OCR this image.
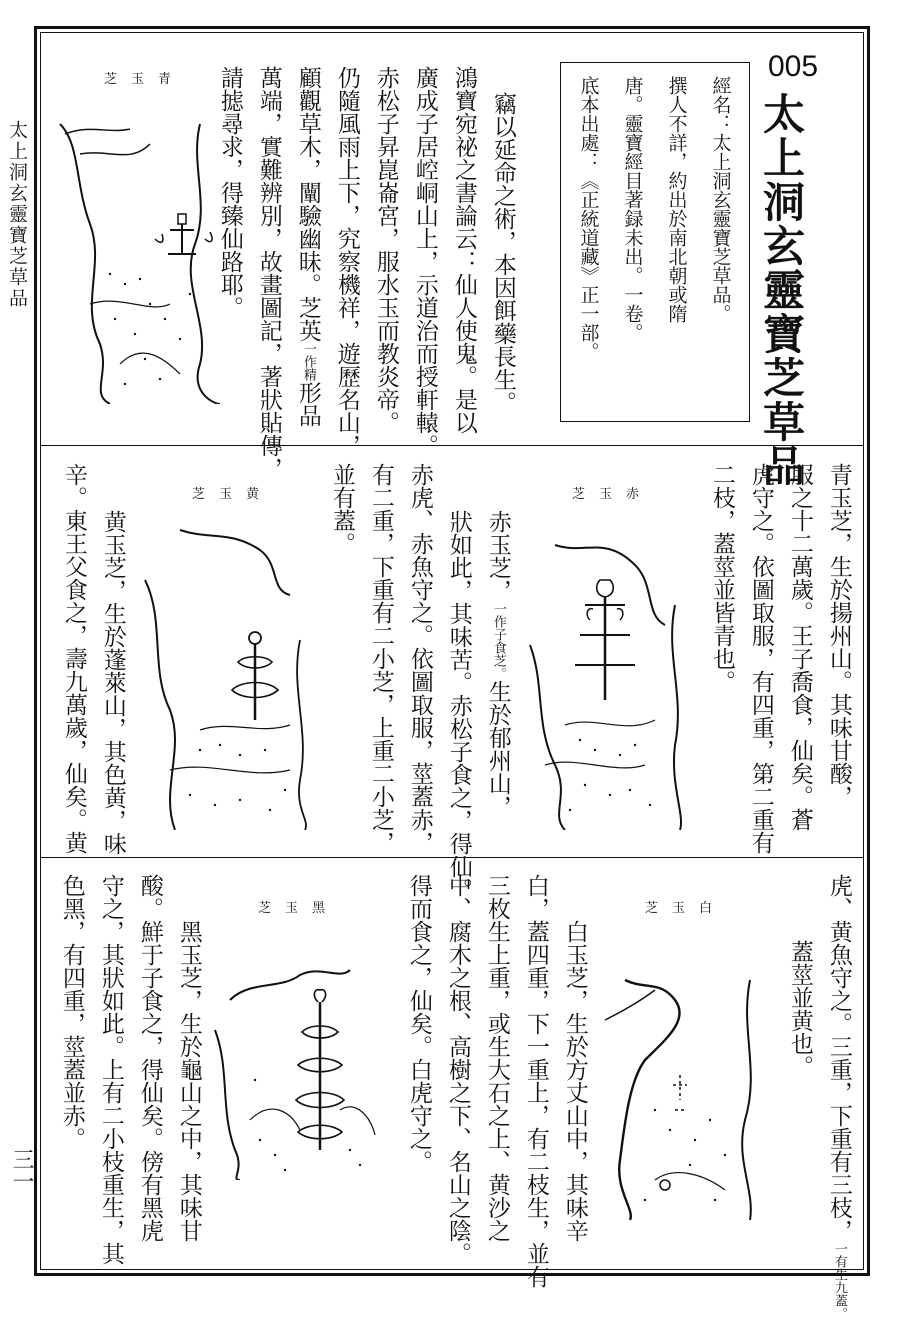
太上洞玄靈寶芝草品
三一
005
太上洞玄靈寶芝草品
經名：太上洞玄靈寶芝草品。
撰人不詳，約出於南北朝或隋
唐。靈寶經目著録未出。一卷。
底本出處：《正統道藏》正一部。
竊以延命之術，本因餌藥長生。
鴻寶宛祕之書論云：仙人使鬼。是以
廣成子居崆峒山上，示道治而授軒轅。
赤松子昇崑崙宮，服水玉而教炎帝。
仍隨風雨上下，究察機祥，遊歷名山，
顧觀草木，闡驗幽昧。芝英一作精形品
萬端，實難辨別，故畫圖記，著狀貼傳，
請摅尋求，得臻仙路耶。
青玉芝
青玉芝，生於揚州山。其味甘酸，
服之十二萬歲。王子喬食，仙矣。蒼
虎守之。依圖取服，有四重，第二重有
二枝，蓋莖並皆青也。
赤玉芝
赤玉芝，一作子食芝。生於郁州山，
狀如此，其味苦。赤松子食之，得仙。
赤虎、赤魚守之。依圖取服，莖蓋赤，
有二重，下重有二小芝，上重二小芝，
並有蓋。
黄玉芝
黄玉芝，生於蓬萊山，其色黄，味
辛。東王父食之，壽九萬歲，仙矣。黄
虎、黄魚守之。三重，下重有三枝，一有生九蓋。
蓋莖並黄也。
白玉芝
白玉芝，生於方丈山中，其味辛
白，蓋四重，下一重上，有二枝生，並有
三枚生上重，或生大石之上、黄沙之
中、腐木之根、高樹之下、名山之陰。
得而食之，仙矣。白虎守之。
黑玉芝
黑玉芝，生於龜山之中，其味甘
酸。鮮于子食之，得仙矣。傍有黑虎
守之，其狀如此。上有二小枝重生，其
色黑，有四重，莖蓋並赤。
